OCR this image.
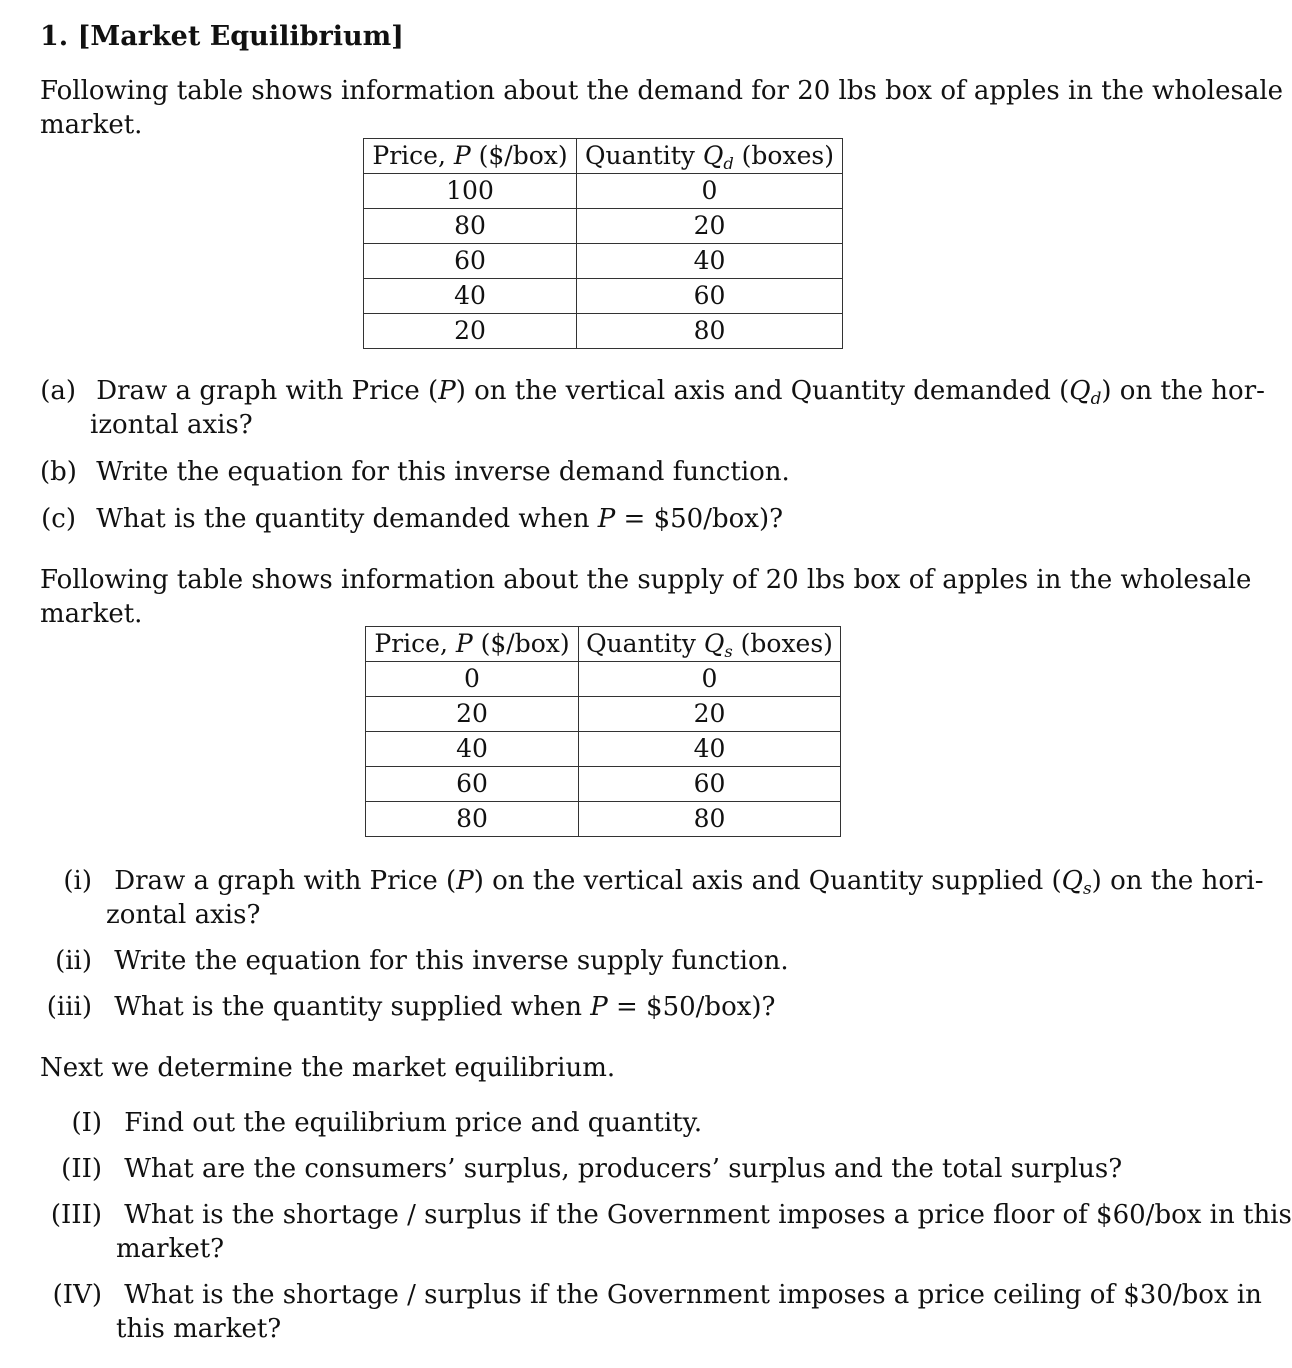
1. [Market Equilibrium]
Following table shows information about the demand for 20 lbs box of apples in the wholesale
market.
Price, P ($/box)	Quantity $Q_d$ (boxes)
100	0
80	20
60	40
40	60
20	80
(a) Draw a graph with Price (P) on the vertical axis and Quantity demanded $(Q_d)$ on the hor-
izontal axis?
(b) Write the equation for this inverse demand function.
(c) What is the quantity demanded when P = $50/box)?
Following table shows information about the supply of 20 lbs box of apples in the wholesale
market.
Price, P ($/box)	Quantity $Q_s$ (boxes)
0	0
20	20
40	40
60	60
80	80
(i) Draw a graph with Price (P) on the vertical axis and Quantity supplied $(Q_s)$ on the hori-
zontal axis?
(ii) Write the equation for this inverse supply function.
(iii) What is the quantity supplied when P = $50/box)?
Next we determine the market equilibrium.
(I) Find out the equilibrium price and quantity.
(II) What are the consumers’ surplus, producers’ surplus and the total surplus?
(III) What is the shortage / surplus if the Government imposes a price floor of $60/box in this
market?
(IV) What is the shortage / surplus if the Government imposes a price ceiling of $30/box in
this market?
